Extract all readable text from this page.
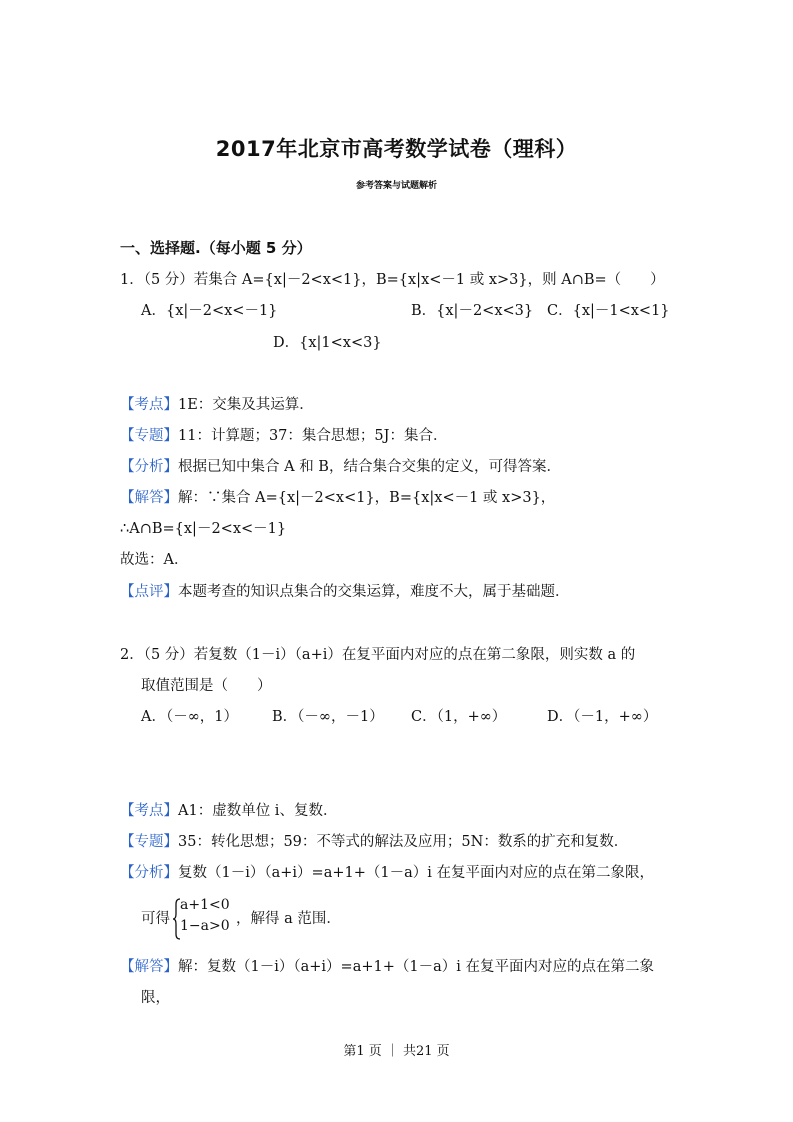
2017年北京市高考数学试卷（理科）
参考答案与试题解析
一、选择题.（每小题 5 分）
1．（5 分）若集合 A={x|－2<x<1}，B={x|x<－1 或 x>3}，则 A∩B=（　　）
A．{x|－2<x<－1}	B．{x|－2<x<3} C．{x|－1<x<1}
D．{x|1<x<3}
【考点】1E：交集及其运算．
【专题】11：计算题；37：集合思想；5J：集合．
【分析】根据已知中集合 A 和 B，结合集合交集的定义，可得答案．
【解答】解：∵集合 A={x|－2<x<1}，B={x|x<－1 或 x>3}，
∴A∩B={x|－2<x<－1}
故选：A．
【点评】本题考查的知识点集合的交集运算，难度不大，属于基础题．
2．（5 分）若复数（1－i）（a+i）在复平面内对应的点在第二象限，则实数 a 的
取值范围是（　　）
A．（－∞，1） B．（－∞，－1） C．（1，+∞）	D．（－1，+∞）
【考点】A1：虚数单位 i、复数．
【专题】35：转化思想；59：不等式的解法及应用；5N：数系的扩充和复数．
【分析】复数（1－i）（a+i）=a+1+（1－a）i 在复平面内对应的点在第二象限，
可得
a+1<0
1−a>0 ，解得 a 范围．
【解答】解：复数（1－i）（a+i）=a+1+（1－a）i 在复平面内对应的点在第二象
限，
第1 页 ｜ 共21 页
